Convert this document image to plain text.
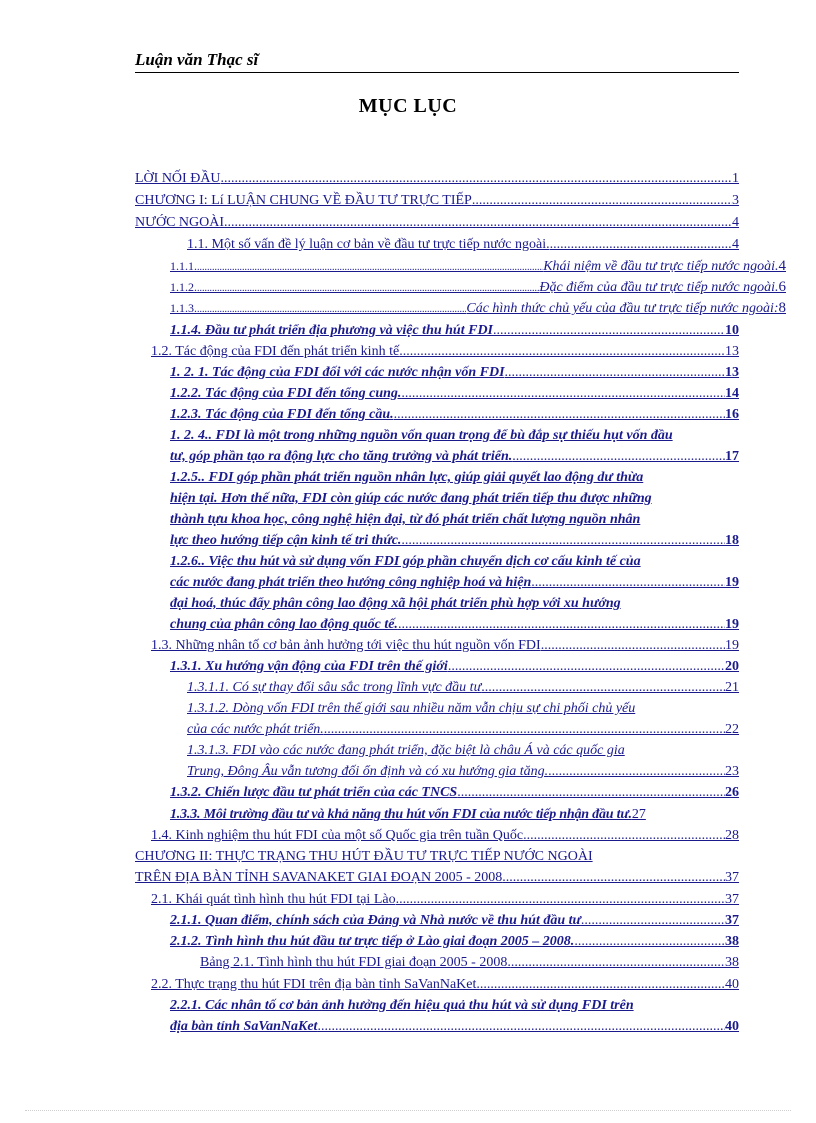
Luận văn Thạc sĩ
MỤC LỤC
LỜI NỐI ĐẦU .....	1
CHƯƠNG I: Lí LUẬN CHUNG VỀ ĐẦU TƯ TRỰC TIẾP .....	3
NƯỚC NGOÀI .....	4
1.1. Một số vấn đề lý luận cơ bản về đầu tư trực tiếp nước ngoài. .....	4
1.1.1. .....	Khái niệm về đầu tư trực tiếp nước ngoài. 4
1.1.2. .....	Đặc điểm của đầu tư trực tiếp nước ngoài. 6
1.1.3. .....	Các hình thức chủ yếu của đầu tư trực tiếp nước ngoài: 8
1.1.4. Đầu tư phát triển địa phương và việc thu hút FDI .....	10
1.2. Tác động của FDI đến phát triển kinh tế .....	13
1. 2. 1. Tác động của FDI đối với các nước nhận vốn FDI .....	13
1.2.2. Tác động của FDI đến tổng cung. .....	14
1.2.3. Tác động của FDI đến tổng cầu. .....	16
1. 2. 4.. FDI là một trong những nguồn vốn quan trọng để bù đắp sự thiếu hụt vốn đầu
tư, góp phần tạo ra động lực cho tăng trưởng và phát triển. .....	17
1.2.5.. FDI góp phần phát triển nguồn nhân lực, giúp giải quyết lao động dư thừa
hiện tại. Hơn thế nữa, FDI còn giúp các nước đang phát triển tiếp thu được những
thành tựu khoa học, công nghệ hiện đại, từ đó phát triển chất lượng nguồn nhân
lực theo hướng tiếp cận kinh tế tri thức. .....	18
1.2.6.. Việc thu hút và sử dụng vốn FDI góp phần chuyển dịch cơ cấu kinh tế của
các nước đang phát triển theo hướng công nghiệp hoá và hiện .....	19
đại hoá, thúc đẩy phân công lao động xã hội phát triển phù hợp với xu hướng
chung của phân công lao động quốc tế. .....	19
1.3. Những nhân tố cơ bản ảnh hưởng tới việc thu hút nguồn vốn FDI .....	19
1.3.1. Xu hướng vận động của FDI trên thế giới .....	20
1.3.1.1. Có sự thay đổi sâu sắc trong lĩnh vực đầu tư .....	21
1.3.1.2. Dòng vốn FDI trên thế giới sau nhiều năm vẫn chịu sự chi phối chủ yếu
của các nước phát triển. .....	22
1.3.1.3. FDI vào các nước đang phát triển, đặc biệt là châu Á và các quốc gia
Trung, Đông Âu vẫn tương đối ổn định và có xu hướng gia tăng. .....	23
1.3.2. Chiến lược đầu tư phát triển của các TNCS .....	26
1.3.3. Môi trường đầu tư và khả năng thu hút vốn FDI của nước tiếp nhận đầu tư. 27
1.4. Kinh nghiệm thu hút FDI của một số Quốc gia trên tuần Quốc .....	28
CHƯƠNG II: THỰC TRẠNG THU HÚT ĐẦU TƯ TRỰC TIẾP NƯỚC NGOÀI
TRÊN ĐỊA BÀN TỈNH SAVANAKET GIAI ĐOẠN 2005 - 2008 .....	37
2.1. Khái quát tình hình thu hút FDI tại Lào .....	37
2.1.1. Quan điểm, chính sách của Đảng và Nhà nước về thu hút đầu tư .....	37
2.1.2. Tình hình thu hút đầu tư trực tiếp ở Lào giai đoạn 2005 – 2008. .....	38
Bảng 2.1. Tình hình thu hút FDI giai đoạn 2005 - 2008. .....	38
2.2. Thực trạng thu hút FDI trên địa bàn tỉnh SaVanNaKet. .....	40
2.2.1. Các nhân tố cơ bản ảnh hưởng đến hiệu quả thu hút và sử dụng FDI trên
địa bàn tỉnh SaVanNaKet .....	40
